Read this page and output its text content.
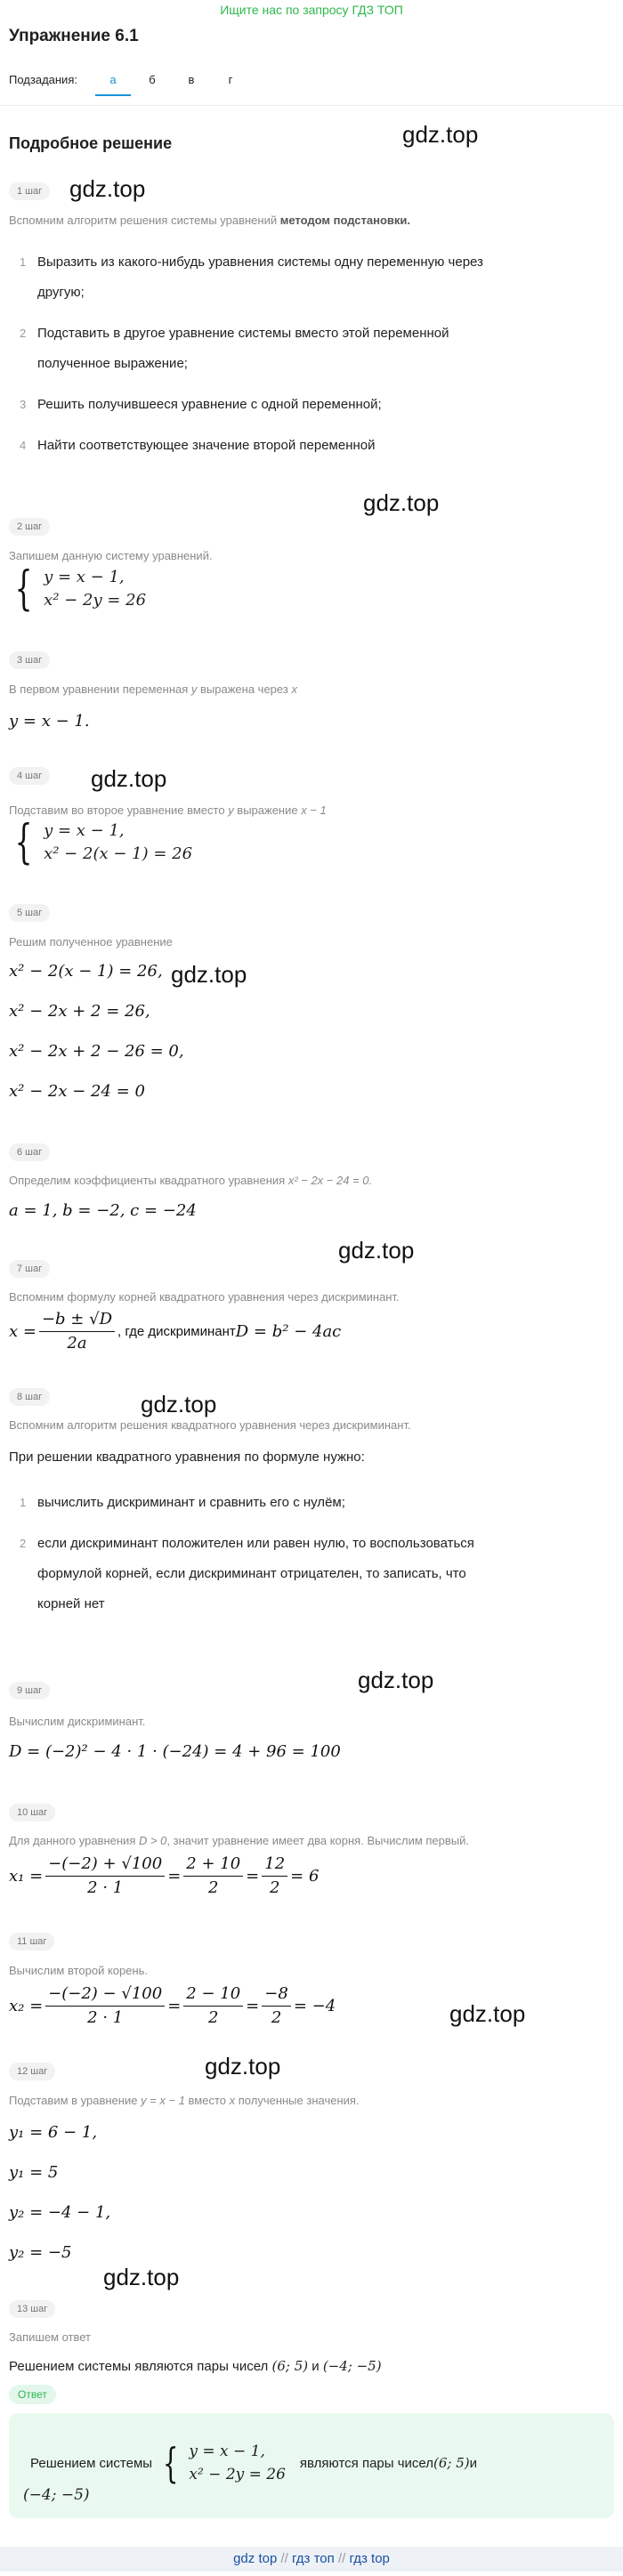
Ищите нас по запросу ГДЗ ТОП
Упражнение 6.1
Подзадания:	а	б	в	г
Подробное решение	gdz.top
gdz.top
gdz.top
gdz.top
gdz.top
gdz.top
gdz.top
gdz.top
gdz.top
gdz.top
gdz.top
1 шаг
Вспомним алгоритм решения системы уравнений методом подстановки.
1 Выразить из какого-нибудь уравнения системы одну переменную через
другую;
2 Подставить в другое уравнение системы вместо этой переменной
полученное выражение;
3 Решить получившееся уравнение с одной переменной;
4 Найти соответствующее значение второй переменной
2 шаг
Запишем данную систему уравнений.
{ y = x − 1,
x² − 2y = 26
3 шаг
В первом уравнении переменная y выражена через x
y = x − 1.
4 шаг
Подставим во второе уравнение вместо y выражение x − 1
{ y = x − 1,
x² − 2(x − 1) = 26
5 шаг
Решим полученное уравнение
x² − 2(x − 1) = 26,
x² − 2x + 2 = 26,
x² − 2x + 2 − 26 = 0,
x² − 2x − 24 = 0
6 шаг
Определим коэффициенты квадратного уравнения x² − 2x − 24 = 0.
a = 1, b = −2, c = −24
7 шаг
Вспомним формулу корней квадратного уравнения через дискриминант.
$x = \frac{-b \pm √D}{2a}$ , где дискриминант D = b² − 4ac
8 шаг
Вспомним алгоритм решения квадратного уравнения через дискриминант.
При решении квадратного уравнения по формуле нужно:
1 вычислить дискриминант и сравнить его с нулём;
2 если дискриминант положителен или равен нулю, то воспользоваться
формулой корней, если дискриминант отрицателен, то записать, что
корней нет
9 шаг
Вычислим дискриминант.
D = (−2)² − 4 · 1 · (−24) = 4 + 96 = 100
10 шаг
Для данного уравнения D > 0, значит уравнение имеет два корня. Вычислим первый.
$x_1 = \frac{-(-2) + √100}{2 \cdot 1} = \frac{2 + 10}{2} = \frac{12}{2} = 6$
11 шаг
Вычислим второй корень.
$x_2 = \frac{-(-2) - √100}{2 \cdot 1} = \frac{2 - 10}{2} = \frac{-8}{2} = -4$
12 шаг
Подставим в уравнение y = x − 1 вместо x полученные значения.
y₁ = 6 − 1,
y₁ = 5
y₂ = −4 − 1,
y₂ = −5
13 шаг
Запишем ответ
Решением системы являются пары чисел (6; 5) и (−4; −5)
Ответ
Решением системы { y = x − 1,
x² − 2y = 26
являются пары чисел (6; 5) и
(−4; −5)
gdz top // гдз топ // гдз top
